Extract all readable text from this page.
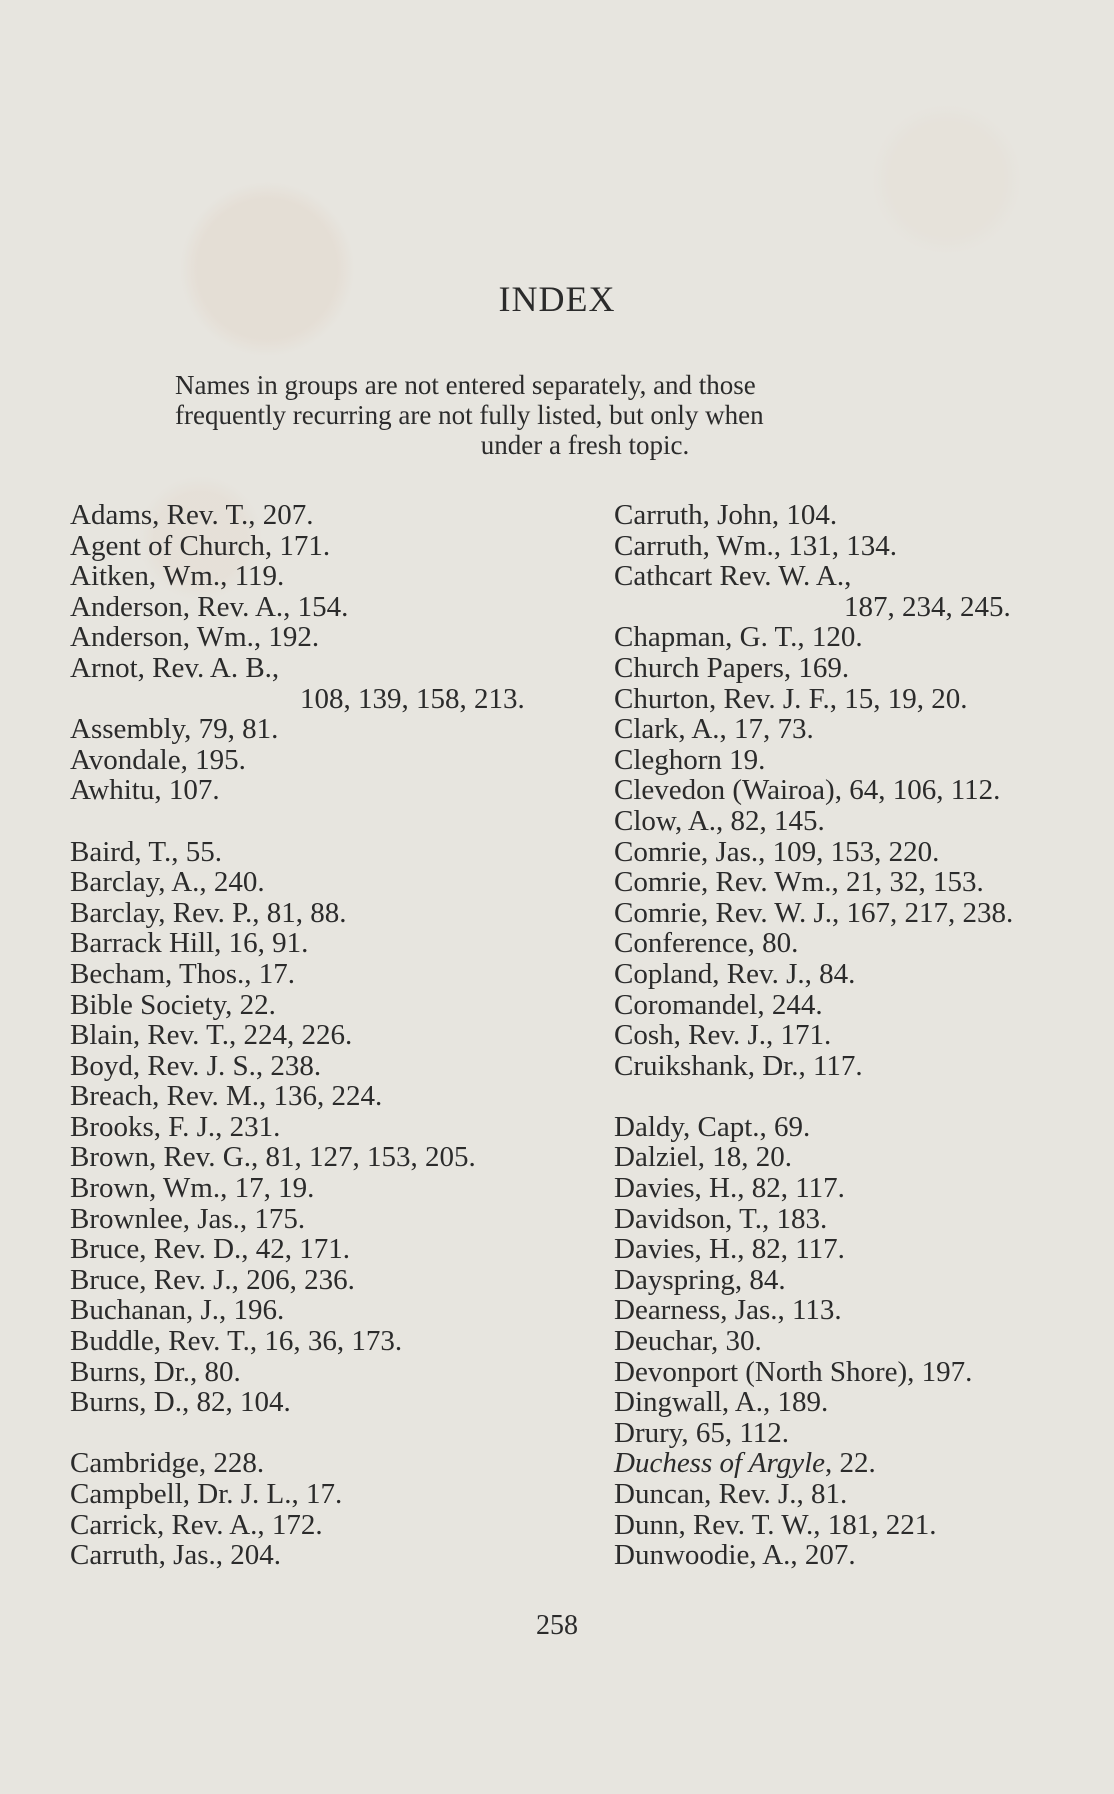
INDEX
Names in groups are not entered separately, and those
frequently recurring are not fully listed, but only when
under a fresh topic.
Adams, Rev. T., 207.
Agent of Church, 171.
Aitken, Wm., 119.
Anderson, Rev. A., 154.
Anderson, Wm., 192.
Arnot, Rev. A. B.,
108, 139, 158, 213.
Assembly, 79, 81.
Avondale, 195.
Awhitu, 107.
Baird, T., 55.
Barclay, A., 240.
Barclay, Rev. P., 81, 88.
Barrack Hill, 16, 91.
Becham, Thos., 17.
Bible Society, 22.
Blain, Rev. T., 224, 226.
Boyd, Rev. J. S., 238.
Breach, Rev. M., 136, 224.
Brooks, F. J., 231.
Brown, Rev. G., 81, 127, 153, 205.
Brown, Wm., 17, 19.
Brownlee, Jas., 175.
Bruce, Rev. D., 42, 171.
Bruce, Rev. J., 206, 236.
Buchanan, J., 196.
Buddle, Rev. T., 16, 36, 173.
Burns, Dr., 80.
Burns, D., 82, 104.
Cambridge, 228.
Campbell, Dr. J. L., 17.
Carrick, Rev. A., 172.
Carruth, Jas., 204.
Carruth, John, 104.
Carruth, Wm., 131, 134.
Cathcart Rev. W. A.,
187, 234, 245.
Chapman, G. T., 120.
Church Papers, 169.
Churton, Rev. J. F., 15, 19, 20.
Clark, A., 17, 73.
Cleghorn 19.
Clevedon (Wairoa), 64, 106, 112.
Clow, A., 82, 145.
Comrie, Jas., 109, 153, 220.
Comrie, Rev. Wm., 21, 32, 153.
Comrie, Rev. W. J., 167, 217, 238.
Conference, 80.
Copland, Rev. J., 84.
Coromandel, 244.
Cosh, Rev. J., 171.
Cruikshank, Dr., 117.
Daldy, Capt., 69.
Dalziel, 18, 20.
Davies, H., 82, 117.
Davidson, T., 183.
Davies, H., 82, 117.
Dayspring, 84.
Dearness, Jas., 113.
Deuchar, 30.
Devonport (North Shore), 197.
Dingwall, A., 189.
Drury, 65, 112.
Duchess of Argyle, 22.
Duncan, Rev. J., 81.
Dunn, Rev. T. W., 181, 221.
Dunwoodie, A., 207.
258
